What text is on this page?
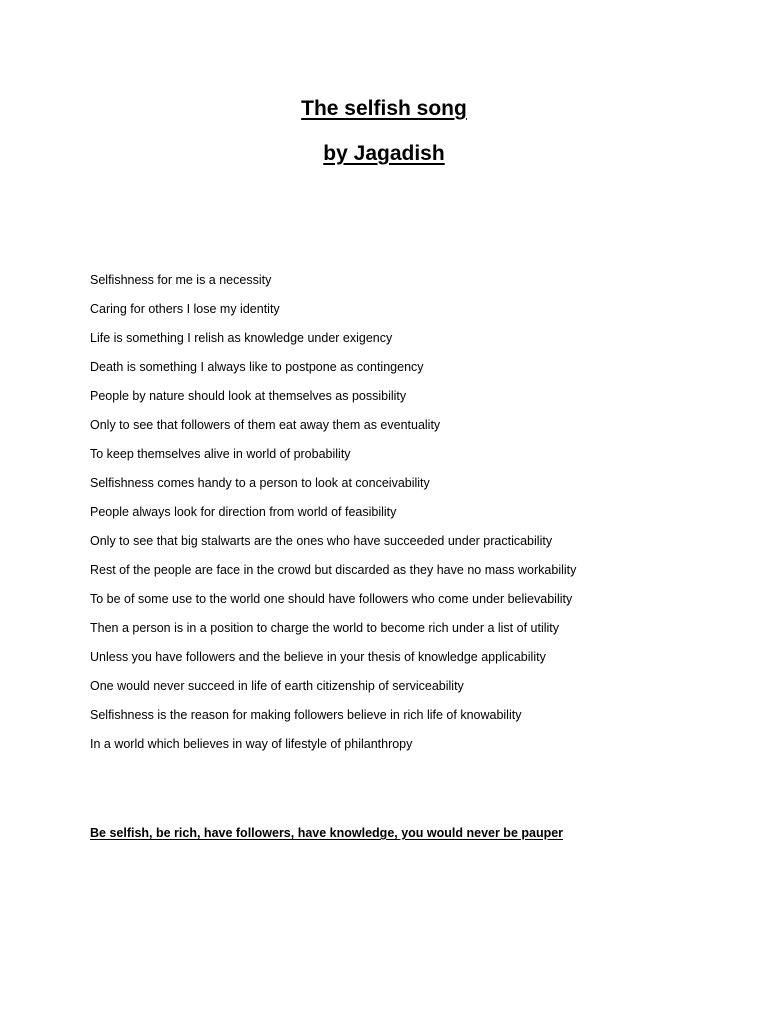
The selfish song
by Jagadish
Selfishness for me is a necessity
Caring for others I lose my identity
Life is something I relish as knowledge under exigency
Death is something I always like to postpone as contingency
People by nature should look at themselves as possibility
Only to see that followers of them eat away them as eventuality
To keep themselves alive in world of probability
Selfishness comes handy to a person to look at conceivability
People always look for direction from world of feasibility
Only to see that big stalwarts are the ones who have succeeded under practicability
Rest of the people are face in the crowd but discarded as they have no mass workability
To be of some use to the world one should have followers who come under believability
Then a person is in a position to charge the world to become rich under a list of utility
Unless you have followers and the believe in your thesis of knowledge applicability
One would never succeed in life of earth citizenship of serviceability
Selfishness is the reason for making followers believe in rich life of knowability
In a world which believes in way of lifestyle of philanthropy

Be selfish, be rich, have followers, have knowledge, you would never be pauper
